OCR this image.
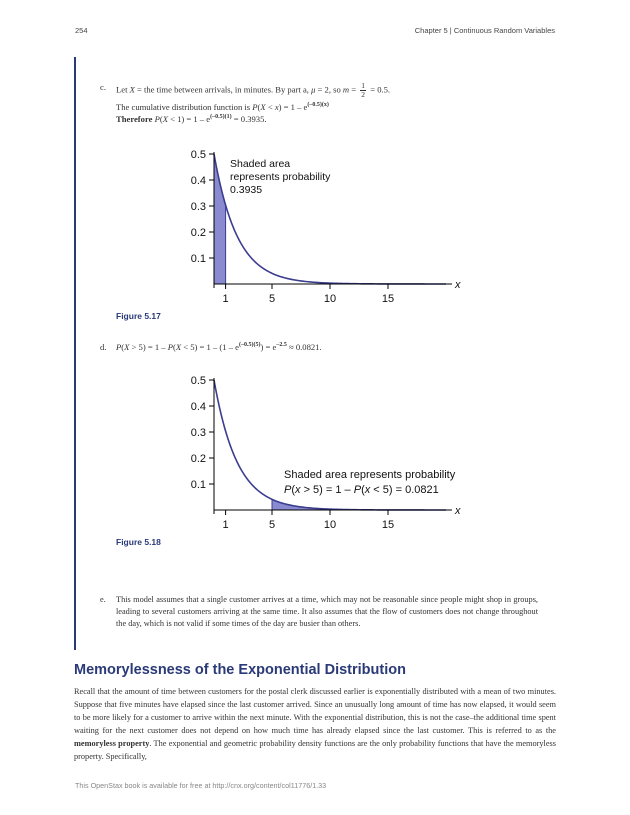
254	Chapter 5 | Continuous Random Variables
c. Let X = the time between arrivals, in minutes. By part a, μ = 2, so $m = \frac{1}{2} = 0.5$.
The cumulative distribution function is $P(X < x) = 1 - e^{(-0.5)(x)}$
Therefore $P(X < 1) = 1 - e^{(-0.5)(1)} = 0.3935$.
0.1
0.2
0.3
0.4
0.5
1	5	10	15
x
Shaded area
represents probability
0.3935
Figure 5.17
d. $P(X > 5) = 1 - P(X < 5) = 1 - (1 - e^{(-0.5)(5)}) = e^{-2.5} \approx 0.0821$.
0.1
0.2
0.3
0.4
0.5
1	5	10	15
x
Shaded area represents probability
P(x > 5) = 1 – P(x < 5) = 0.0821
Figure 5.18
e. This model assumes that a single customer arrives at a time, which may not be reasonable since people might shop in groups, leading to several customers arriving at the same time. It also assumes that the flow of customers does not change throughout the day, which is not valid if some times of the day are busier than others.
Memorylessness of the Exponential Distribution
Recall that the amount of time between customers for the postal clerk discussed earlier is exponentially distributed with a mean of two minutes. Suppose that five minutes have elapsed since the last customer arrived. Since an unusually long amount of time has now elapsed, it would seem to be more likely for a customer to arrive within the next minute. With the exponential distribution, this is not the case–the additional time spent waiting for the next customer does not depend on how much time has already elapsed since the last customer. This is referred to as the memoryless property. The exponential and geometric probability density functions are the only probability functions that have the memoryless property. Specifically,
This OpenStax book is available for free at http://cnx.org/content/col11776/1.33
